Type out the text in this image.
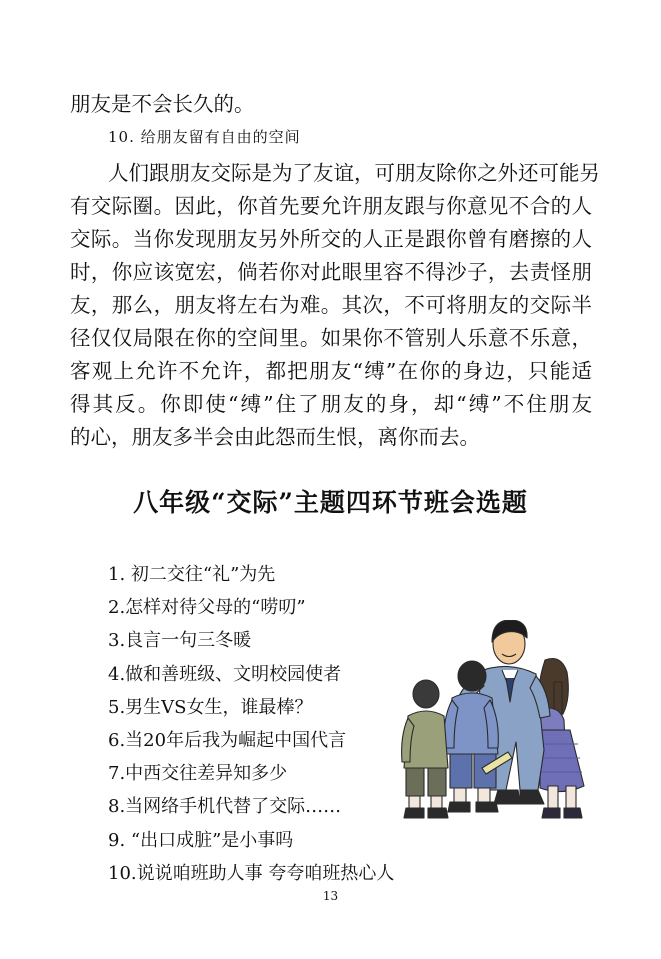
朋友是不会长久的。
10. 给朋友留有自由的空间
人们跟朋友交际是为了友谊，可朋友除你之外还可能另
有交际圈。因此，你首先要允许朋友跟与你意见不合的人
交际。当你发现朋友另外所交的人正是跟你曾有磨擦的人
时，你应该宽宏，倘若你对此眼里容不得沙子，去责怪朋
友，那么，朋友将左右为难。其次，不可将朋友的交际半
径仅仅局限在你的空间里。如果你不管别人乐意不乐意，
客观上允许不允许，都把朋友“缚”在你的身边，只能适
得其反。你即使“缚”住了朋友的身，却“缚”不住朋友
的心，朋友多半会由此怨而生恨，离你而去。
八年级“交际”主题四环节班会选题
1. 初二交往“礼”为先
2.怎样对待父母的“唠叨”
3.良言一句三冬暖
4.做和善班级、文明校园使者
5.男生VS女生，谁最棒？
6.当20年后我为崛起中国代言
7.中西交往差异知多少
8.当网络手机代替了交际……
9. “出口成脏”是小事吗
10.说说咱班助人事 夸夸咱班热心人
13
